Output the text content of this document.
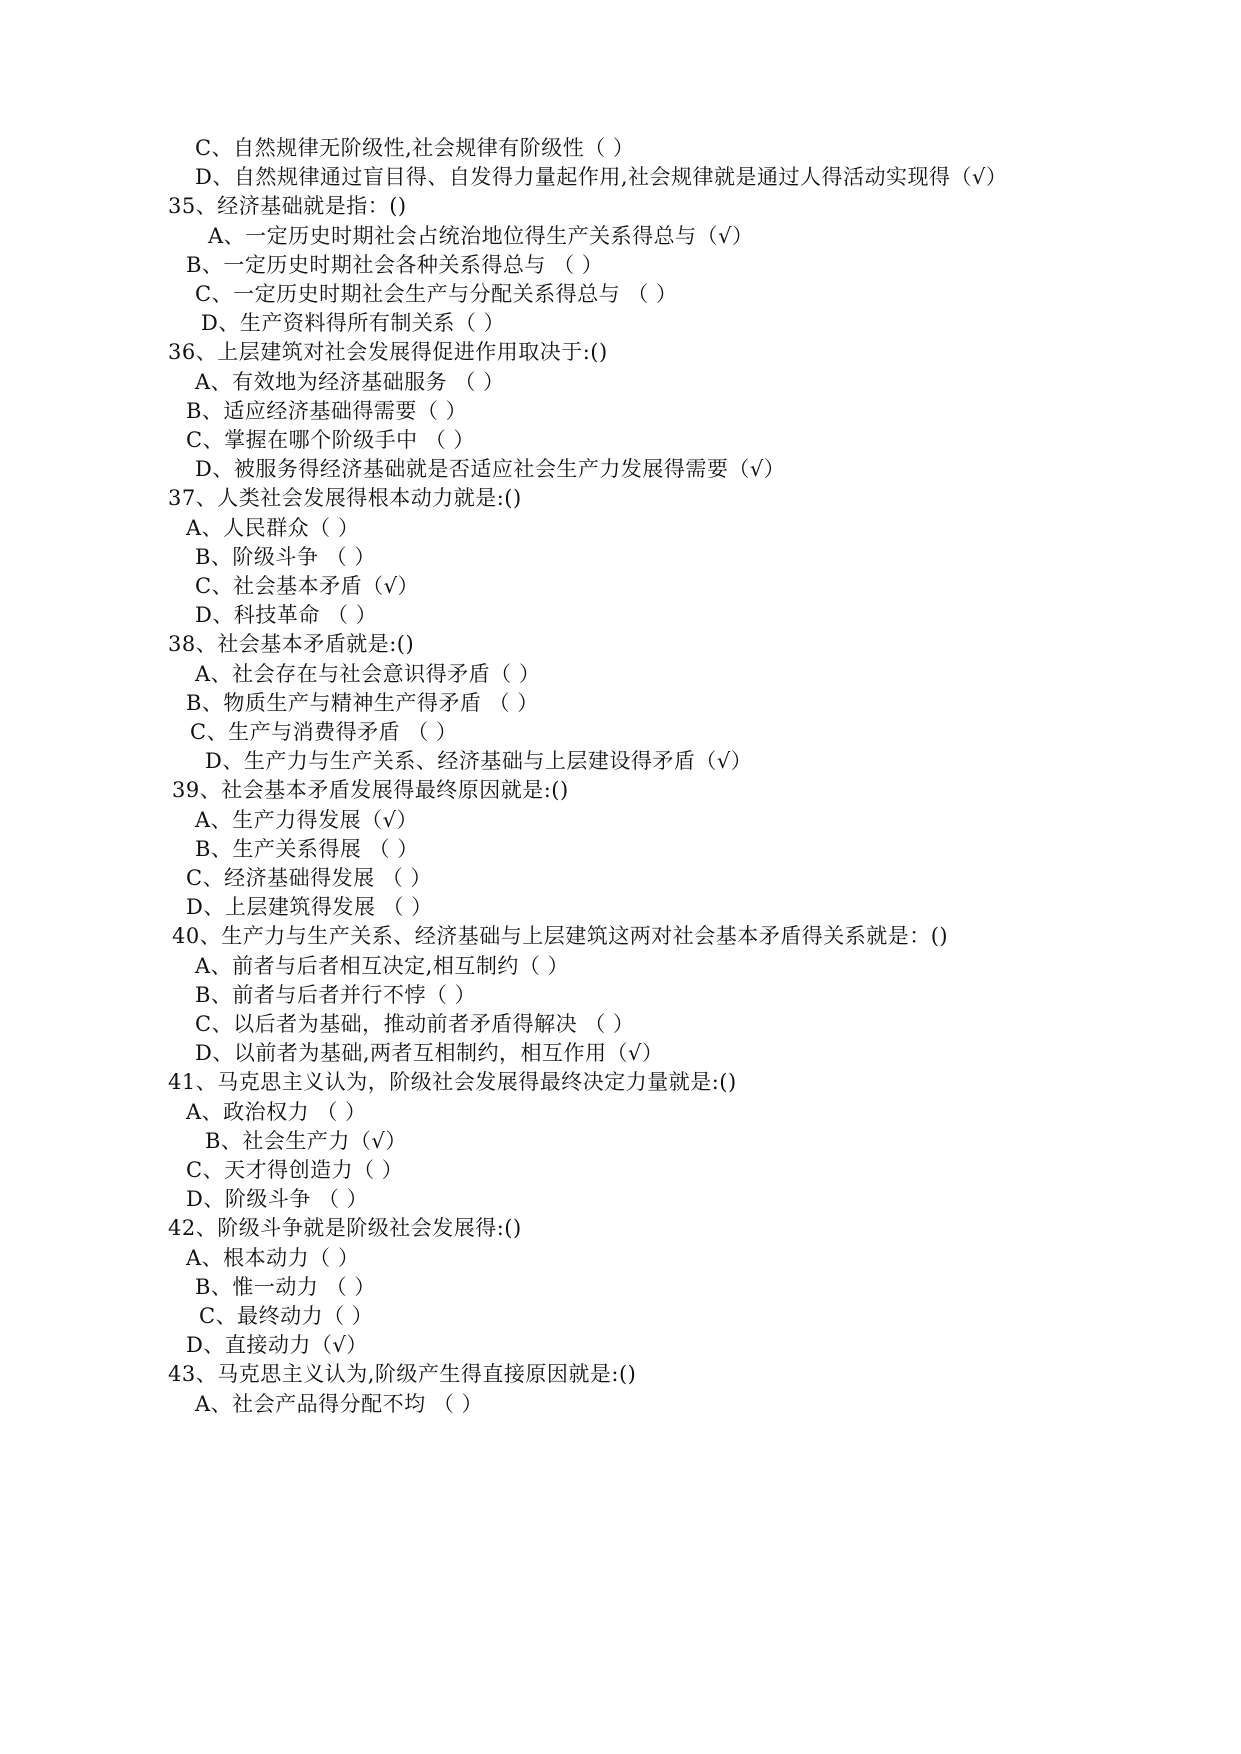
C、自然规律无阶级性,社会规律有阶级性（ ）
D、自然规律通过盲目得、自发得力量起作用,社会规律就是通过人得活动实现得（√）
35、经济基础就是指：()
A、一定历史时期社会占统治地位得生产关系得总与（√）
B、一定历史时期社会各种关系得总与 （ ）
C、一定历史时期社会生产与分配关系得总与 （ ）
D、生产资料得所有制关系（ ）
36、上层建筑对社会发展得促进作用取决于:()
A、有效地为经济基础服务 （ ）
B、适应经济基础得需要（ ）
C、掌握在哪个阶级手中 （ ）
D、被服务得经济基础就是否适应社会生产力发展得需要（√）
37、人类社会发展得根本动力就是:()
A、人民群众（ ）
B、阶级斗争 （ ）
C、社会基本矛盾（√）
D、科技革命 （ ）
38、社会基本矛盾就是:()
A、社会存在与社会意识得矛盾（ ）
B、物质生产与精神生产得矛盾 （ ）
C、生产与消费得矛盾 （ ）
D、生产力与生产关系、经济基础与上层建设得矛盾（√）
39、社会基本矛盾发展得最终原因就是:()
A、生产力得发展（√）
B、生产关系得展 （ ）
C、经济基础得发展 （ ）
D、上层建筑得发展 （ ）
40、生产力与生产关系、经济基础与上层建筑这两对社会基本矛盾得关系就是：()
A、前者与后者相互决定,相互制约（ ）
B、前者与后者并行不悖（ ）
C、以后者为基础，推动前者矛盾得解决 （ ）
D、以前者为基础,两者互相制约，相互作用（√）
41、马克思主义认为，阶级社会发展得最终决定力量就是:()
A、政治权力 （ ）
B、社会生产力（√）
C、天才得创造力（ ）
D、阶级斗争 （ ）
42、阶级斗争就是阶级社会发展得:()
A、根本动力（ ）
B、惟一动力 （ ）
C、最终动力（ ）
D、直接动力（√）
43、马克思主义认为,阶级产生得直接原因就是:()
A、社会产品得分配不均 （ ）
